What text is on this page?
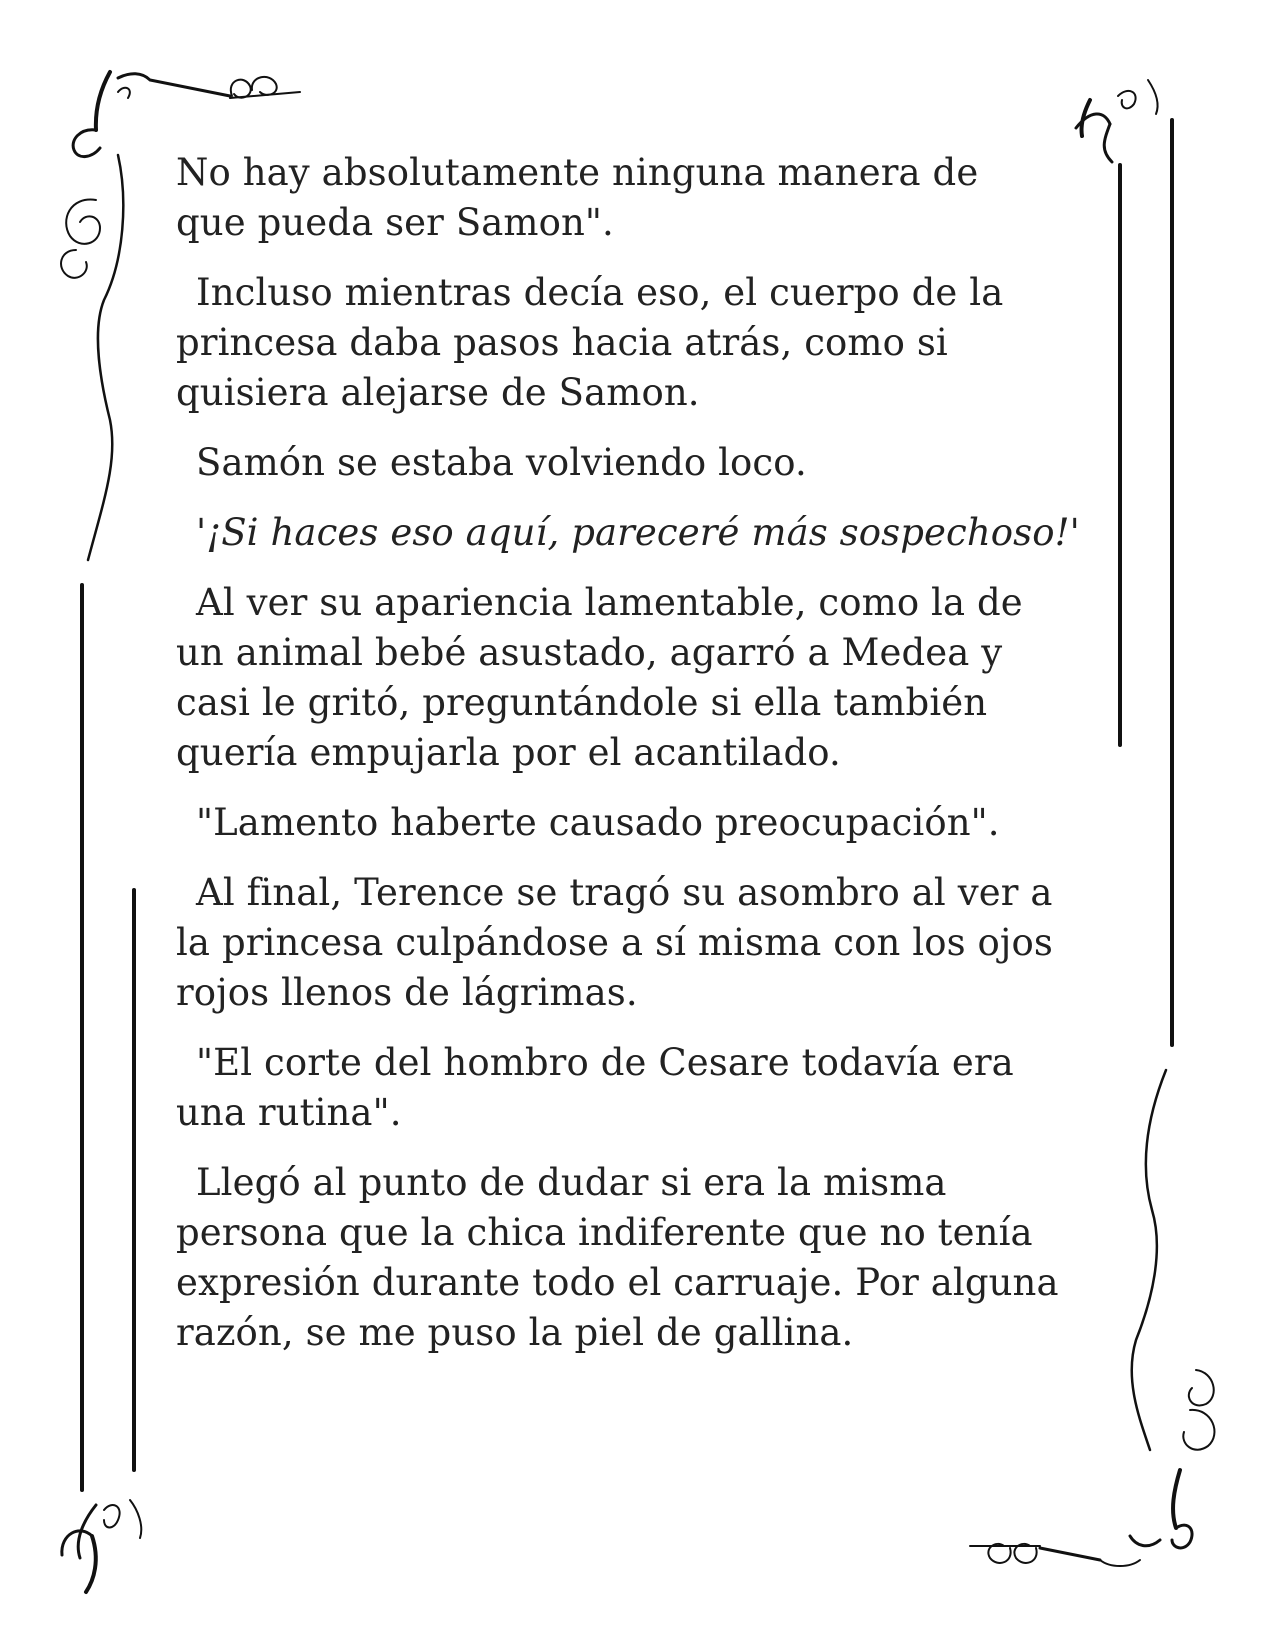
No hay absolutamente ninguna manera de
que pueda ser Samon".

Incluso mientras decía eso, el cuerpo de la
princesa daba pasos hacia atrás, como si
quisiera alejarse de Samon.

Samón se estaba volviendo loco.

'¡Si haces eso aquí, pareceré más sospechoso!'

Al ver su apariencia lamentable, como la de
un animal bebé asustado, agarró a Medea y
casi le gritó, preguntándole si ella también
quería empujarla por el acantilado.

"Lamento haberte causado preocupación".

Al final, Terence se tragó su asombro al ver a
la princesa culpándose a sí misma con los ojos
rojos llenos de lágrimas.

"El corte del hombro de Cesare todavía era
una rutina".

Llegó al punto de dudar si era la misma
persona que la chica indiferente que no tenía
expresión durante todo el carruaje. Por alguna
razón, se me puso la piel de gallina.
